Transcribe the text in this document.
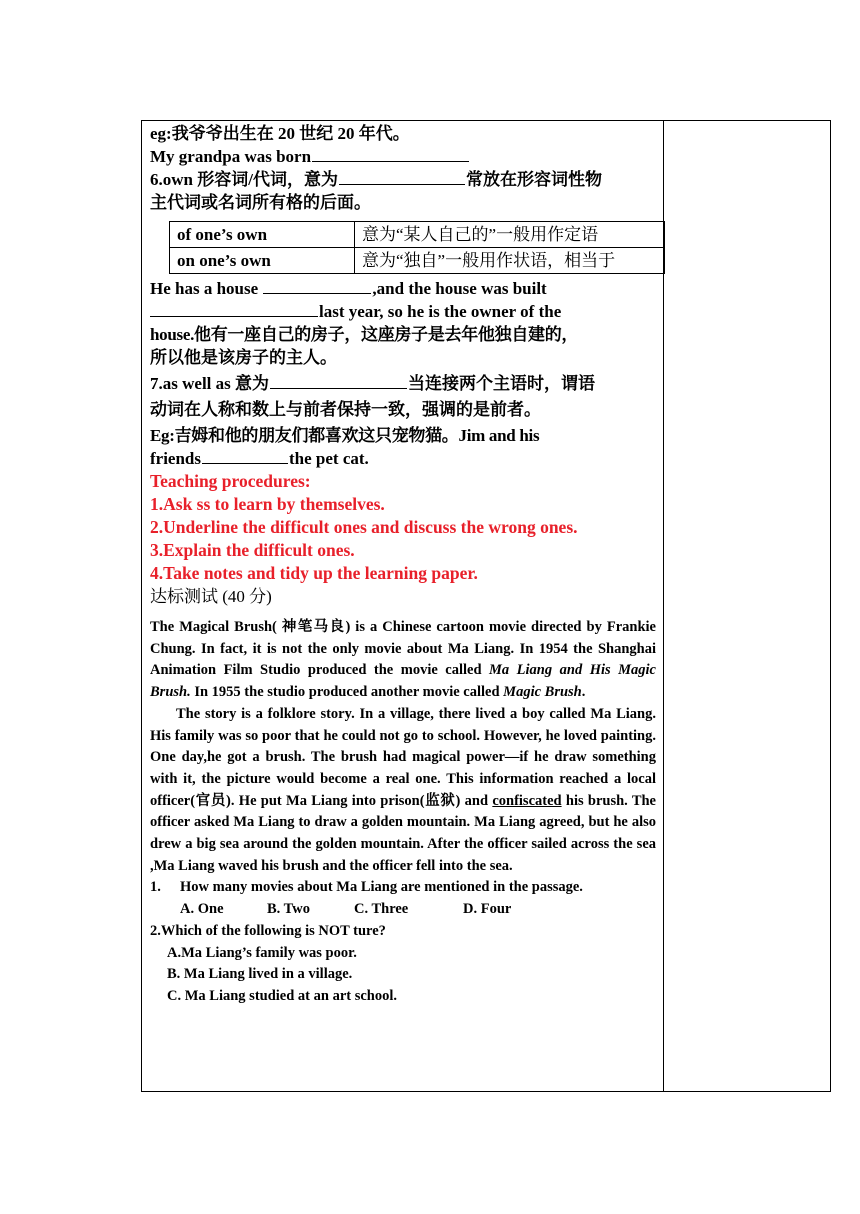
eg:我爷爷出生在 20 世纪 20 年代。

My grandpa was born

6.own 形容词/代词，意为	常放在形容词性物

主代词或名词所有格的后面。

of one’s own	意为“某人自己的”一般用作定语
on one’s own	意为“独自”一般用作状语，相当于

He has a house	,and the house was built

last year, so he is the owner of the

house.他有一座自己的房子，这座房子是去年他独自建的，

所以他是该房子的主人。

7.as well as 意为	当连接两个主语时，谓语

动词在人称和数上与前者保持一致，强调的是前者。

Eg:吉姆和他的朋友们都喜欢这只宠物猫。Jim and his

friends	the pet cat.

Teaching procedures:

1.Ask ss to learn by themselves.

2.Underline the difficult ones and discuss the wrong ones.

3.Explain the difficult ones.

4.Take notes and tidy up the learning paper.

达标测试 (40 分)

The Magical Brush( 神笔马良) is a Chinese cartoon movie directed by Frankie Chung. In fact, it is not the only movie about Ma Liang. In 1954 the Shanghai Animation Film Studio produced the movie called Ma Liang and His Magic Brush. In 1955 the studio produced another movie called Magic Brush.

The story is a folklore story. In a village, there lived a boy called Ma Liang. His family was so poor that he could not go to school. However, he loved painting. One day,he got a brush. The brush had magical power—if he draw something with it, the picture would become a real one. This information reached a local officer(官员). He put Ma Liang into prison(监狱) and confiscated his brush. The officer asked Ma Liang to draw a golden mountain. Ma Liang agreed, but he also drew a big sea around the golden mountain. After the officer sailed across the sea ,Ma Liang waved his brush and the officer fell into the sea.

1.	How many movies about Ma Liang are mentioned in the passage.

A. One	B. Two	C. Three	D. Four

2.Which of the following is NOT ture?

A.Ma Liang’s family was poor.

B. Ma Liang lived in a village.

C. Ma Liang studied at an art school.
